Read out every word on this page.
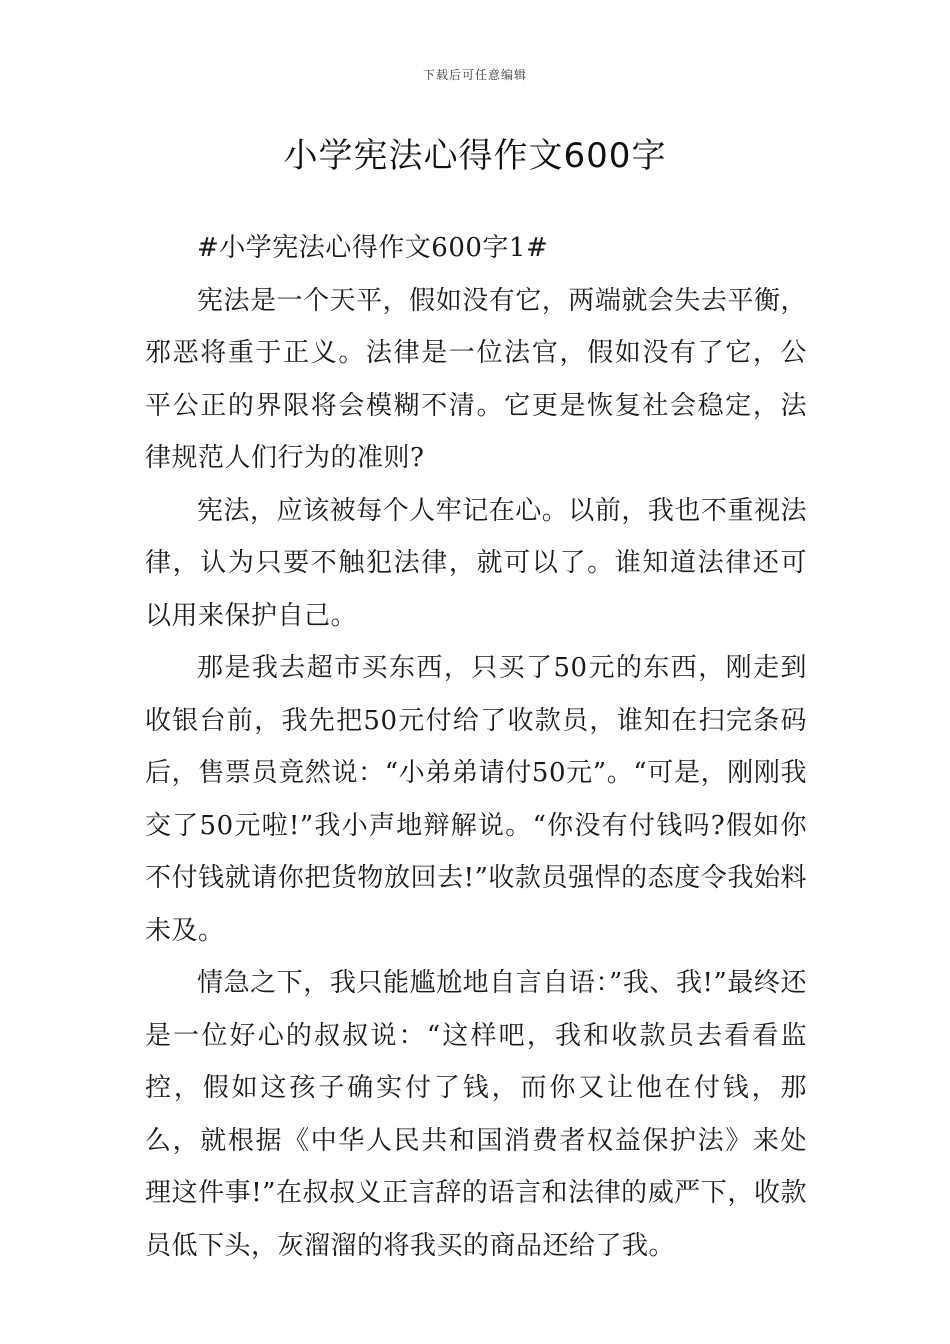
下载后可任意编辑
小学宪法心得作文600字

#小学宪法心得作文600字1#

宪法是一个天平，假如没有它，两端就会失去平衡，邪恶将重于正义。法律是一位法官，假如没有了它，公平公正的界限将会模糊不清。它更是恢复社会稳定，法律规范人们行为的准则?

宪法，应该被每个人牢记在心。以前，我也不重视法律，认为只要不触犯法律，就可以了。谁知道法律还可以用来保护自己。

那是我去超市买东西，只买了50元的东西，刚走到收银台前，我先把50元付给了收款员，谁知在扫完条码后，售票员竟然说：“小弟弟请付50元”。“可是，刚刚我交了50元啦!”我小声地辩解说。“你没有付钱吗?假如你不付钱就请你把货物放回去!”收款员强悍的态度令我始料未及。

情急之下，我只能尴尬地自言自语：”我、我!”最终还是一位好心的叔叔说：“这样吧，我和收款员去看看监控，假如这孩子确实付了钱，而你又让他在付钱，那么，就根据《中华人民共和国消费者权益保护法》来处理这件事!”在叔叔义正言辞的语言和法律的威严下，收款员低下头，灰溜溜的将我买的商品还给了我。
